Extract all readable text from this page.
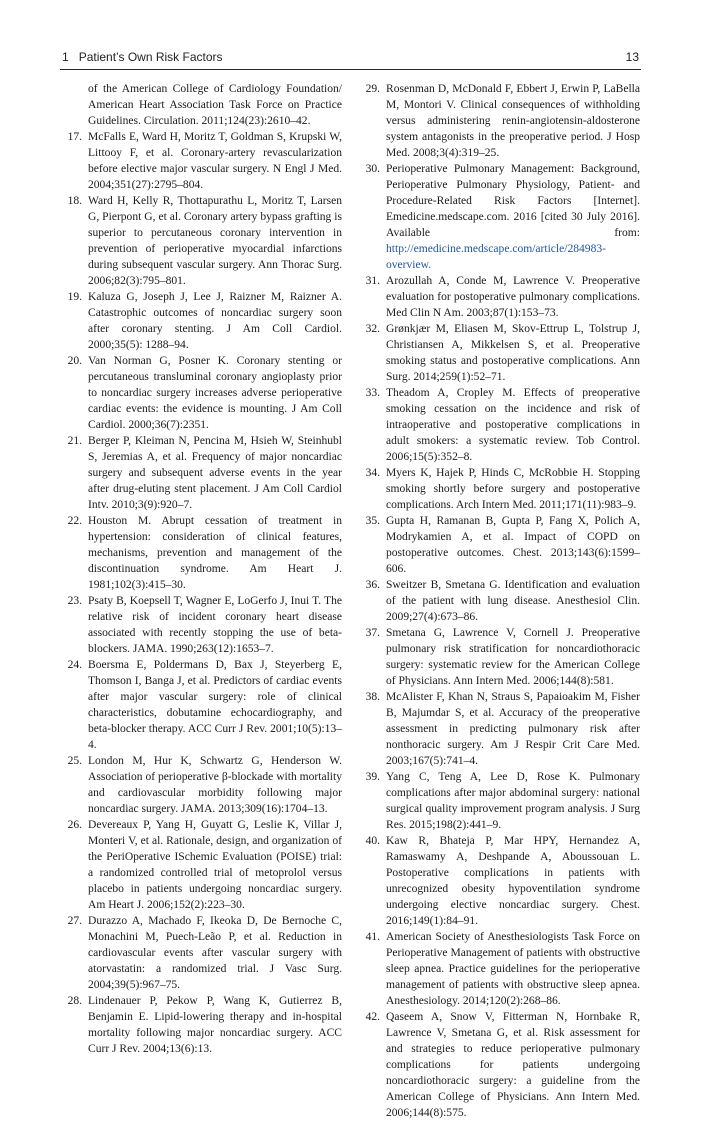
1 Patient’s Own Risk Factors	13
of the American College of Cardiology Foundation/ American Heart Association Task Force on Practice Guidelines. Circulation. 2011;124(23):2610–42.
17. McFalls E, Ward H, Moritz T, Goldman S, Krupski W, Littooy F, et al. Coronary-artery revascularization before elective major vascular surgery. N Engl J Med. 2004;351(27):2795–804.
18. Ward H, Kelly R, Thottapurathu L, Moritz T, Larsen G, Pierpont G, et al. Coronary artery bypass grafting is superior to percutaneous coronary intervention in prevention of perioperative myocardial infarctions during subsequent vascular surgery. Ann Thorac Surg. 2006;82(3):795–801.
19. Kaluza G, Joseph J, Lee J, Raizner M, Raizner A. Catastrophic outcomes of noncardiac surgery soon after coronary stenting. J Am Coll Cardiol. 2000;35(5): 1288–94.
20. Van Norman G, Posner K. Coronary stenting or percutaneous transluminal coronary angioplasty prior to noncardiac surgery increases adverse perioperative cardiac events: the evidence is mounting. J Am Coll Cardiol. 2000;36(7):2351.
21. Berger P, Kleiman N, Pencina M, Hsieh W, Steinhubl S, Jeremias A, et al. Frequency of major noncardiac surgery and subsequent adverse events in the year after drug-eluting stent placement. J Am Coll Cardiol Intv. 2010;3(9):920–7.
22. Houston M. Abrupt cessation of treatment in hypertension: consideration of clinical features, mechanisms, prevention and management of the discontinuation syndrome. Am Heart J. 1981;102(3):415–30.
23. Psaty B, Koepsell T, Wagner E, LoGerfo J, Inui T. The relative risk of incident coronary heart disease associated with recently stopping the use of beta-blockers. JAMA. 1990;263(12):1653–7.
24. Boersma E, Poldermans D, Bax J, Steyerberg E, Thomson I, Banga J, et al. Predictors of cardiac events after major vascular surgery: role of clinical characteristics, dobutamine echocardiography, and beta-blocker therapy. ACC Curr J Rev. 2001;10(5):13–4.
25. London M, Hur K, Schwartz G, Henderson W. Association of perioperative β-blockade with mortality and cardiovascular morbidity following major noncardiac surgery. JAMA. 2013;309(16):1704–13.
26. Devereaux P, Yang H, Guyatt G, Leslie K, Villar J, Monteri V, et al. Rationale, design, and organization of the PeriOperative ISchemic Evaluation (POISE) trial: a randomized controlled trial of metoprolol versus placebo in patients undergoing noncardiac surgery. Am Heart J. 2006;152(2):223–30.
27. Durazzo A, Machado F, Ikeoka D, De Bernoche C, Monachini M, Puech-Leão P, et al. Reduction in cardiovascular events after vascular surgery with atorvastatin: a randomized trial. J Vasc Surg. 2004;39(5):967–75.
28. Lindenauer P, Pekow P, Wang K, Gutierrez B, Benjamin E. Lipid-lowering therapy and in-hospital mortality following major noncardiac surgery. ACC Curr J Rev. 2004;13(6):13.
29. Rosenman D, McDonald F, Ebbert J, Erwin P, LaBella M, Montori V. Clinical consequences of withholding versus administering renin-angiotensin-aldosterone system antagonists in the preoperative period. J Hosp Med. 2008;3(4):319–25.
30. Perioperative Pulmonary Management: Background, Perioperative Pulmonary Physiology, Patient- and Procedure-Related Risk Factors [Internet]. Emedicine.medscape.com. 2016 [cited 30 July 2016]. Available from: http://emedicine.medscape.com/article/284983-overview.
31. Arozullah A, Conde M, Lawrence V. Preoperative evaluation for postoperative pulmonary complications. Med Clin N Am. 2003;87(1):153–73.
32. Grønkjær M, Eliasen M, Skov-Ettrup L, Tolstrup J, Christiansen A, Mikkelsen S, et al. Preoperative smoking status and postoperative complications. Ann Surg. 2014;259(1):52–71.
33. Theadom A, Cropley M. Effects of preoperative smoking cessation on the incidence and risk of intraoperative and postoperative complications in adult smokers: a systematic review. Tob Control. 2006;15(5):352–8.
34. Myers K, Hajek P, Hinds C, McRobbie H. Stopping smoking shortly before surgery and postoperative complications. Arch Intern Med. 2011;171(11):983–9.
35. Gupta H, Ramanan B, Gupta P, Fang X, Polich A, Modrykamien A, et al. Impact of COPD on postoperative outcomes. Chest. 2013;143(6):1599–606.
36. Sweitzer B, Smetana G. Identification and evaluation of the patient with lung disease. Anesthesiol Clin. 2009;27(4):673–86.
37. Smetana G, Lawrence V, Cornell J. Preoperative pulmonary risk stratification for noncardiothoracic surgery: systematic review for the American College of Physicians. Ann Intern Med. 2006;144(8):581.
38. McAlister F, Khan N, Straus S, Papaioakim M, Fisher B, Majumdar S, et al. Accuracy of the preoperative assessment in predicting pulmonary risk after nonthoracic surgery. Am J Respir Crit Care Med. 2003;167(5):741–4.
39. Yang C, Teng A, Lee D, Rose K. Pulmonary complications after major abdominal surgery: national surgical quality improvement program analysis. J Surg Res. 2015;198(2):441–9.
40. Kaw R, Bhateja P, Mar HPY, Hernandez A, Ramaswamy A, Deshpande A, Aboussouan L. Postoperative complications in patients with unrecognized obesity hypoventilation syndrome undergoing elective noncardiac surgery. Chest. 2016;149(1):84–91.
41. American Society of Anesthesiologists Task Force on Perioperative Management of patients with obstructive sleep apnea. Practice guidelines for the perioperative management of patients with obstructive sleep apnea. Anesthesiology. 2014;120(2):268–86.
42. Qaseem A, Snow V, Fitterman N, Hornbake R, Lawrence V, Smetana G, et al. Risk assessment for and strategies to reduce perioperative pulmonary complications for patients undergoing noncardiothoracic surgery: a guideline from the American College of Physicians. Ann Intern Med. 2006;144(8):575.
